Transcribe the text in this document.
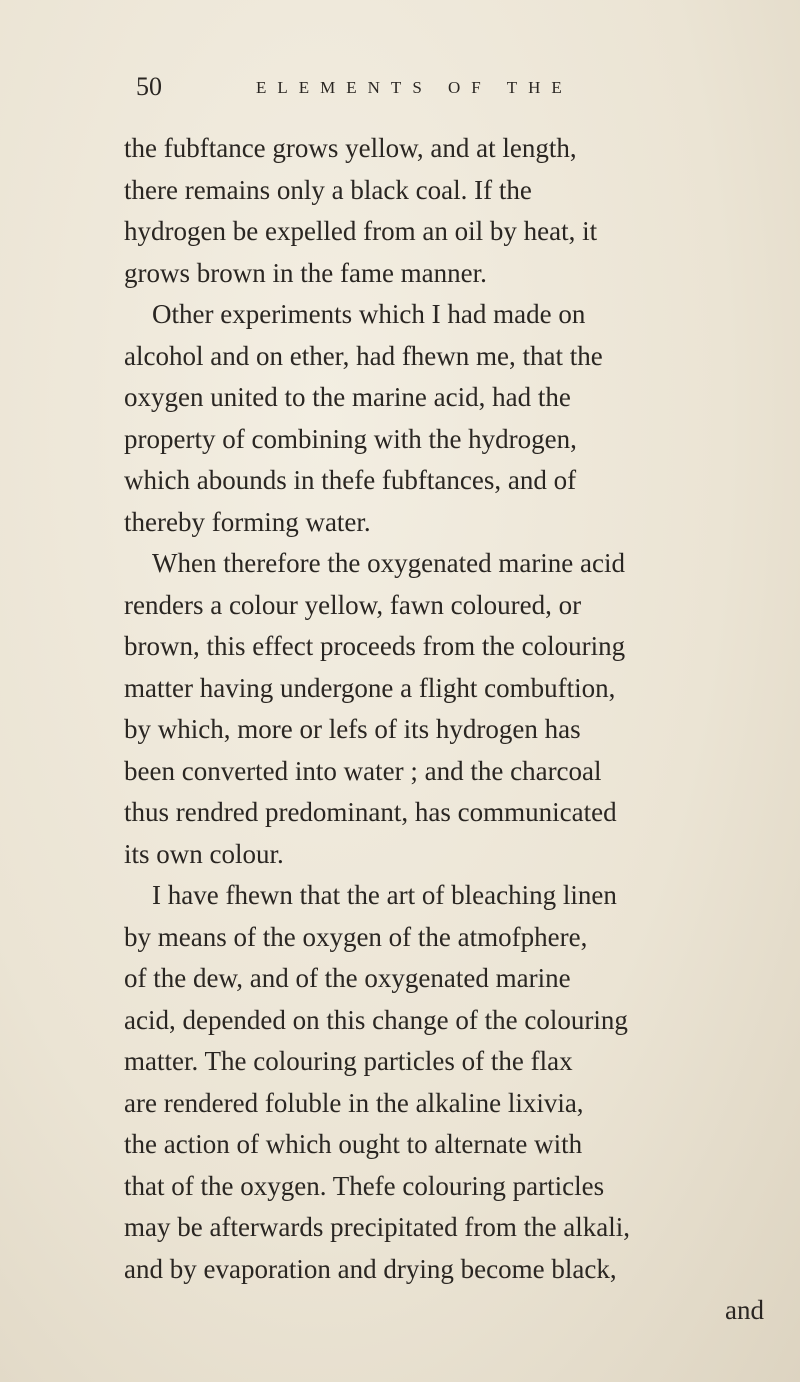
50	ELEMENTS OF THE
the fubftance grows yellow, and at length,
there remains only a black coal. If the
hydrogen be expelled from an oil by heat, it
grows brown in the fame manner.
Other experiments which I had made on
alcohol and on ether, had fhewn me, that the
oxygen united to the marine acid, had the
property of combining with the hydrogen,
which abounds in thefe fubftances, and of
thereby forming water.
When therefore the oxygenated marine acid
renders a colour yellow, fawn coloured, or
brown, this effect proceeds from the colouring
matter having undergone a flight combuftion,
by which, more or lefs of its hydrogen has
been converted into water ; and the charcoal
thus rendred predominant, has communicated
its own colour.
I have fhewn that the art of bleaching linen
by means of the oxygen of the atmofphere,
of the dew, and of the oxygenated marine
acid, depended on this change of the colouring
matter. The colouring particles of the flax
are rendered foluble in the alkaline lixivia,
the action of which ought to alternate with
that of the oxygen. Thefe colouring particles
may be afterwards precipitated from the alkali,
and by evaporation and drying become black,
and
